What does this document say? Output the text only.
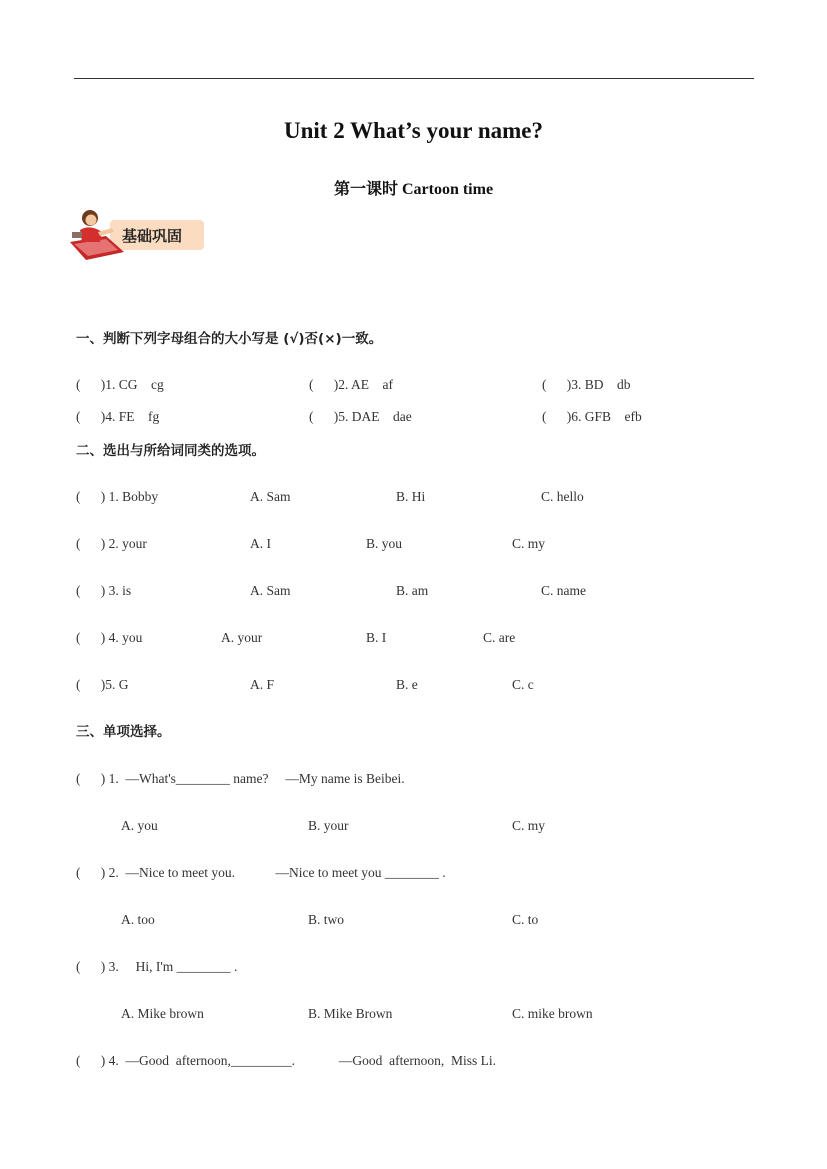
Unit 2 What’s your name?
第一课时 Cartoon time
基础巩固
一、判断下列字母组合的大小写是 (√)否(×)一致。
(      )1. CG    cg	(      )2. AE    af	(      )3. BD    db
(      )4. FE    fg	(      )5. DAE    dae	(      )6. GFB    efb
二、选出与所给词同类的选项。
(      ) 1. Bobby	A. Sam	B. Hi	C. hello
(      ) 2. your	A. I	B. you	C. my
(      ) 3. is	A. Sam	B. am	C. name
(      ) 4. you	A. your	B. I	C. are
(      )5. G	A. F	B. e	C. c
三、单项选择。
(      ) 1.  —What's________ name?     —My name is Beibei.
A. you	B. your	C. my
(      ) 2.  —Nice to meet you.            —Nice to meet you ________ .
A. too	B. two	C. to
(      ) 3.     Hi, I'm ________ .
A. Mike brown	B. Mike Brown	C. mike brown
(      ) 4.  —Good  afternoon,_________.             —Good  afternoon,  Miss Li.
